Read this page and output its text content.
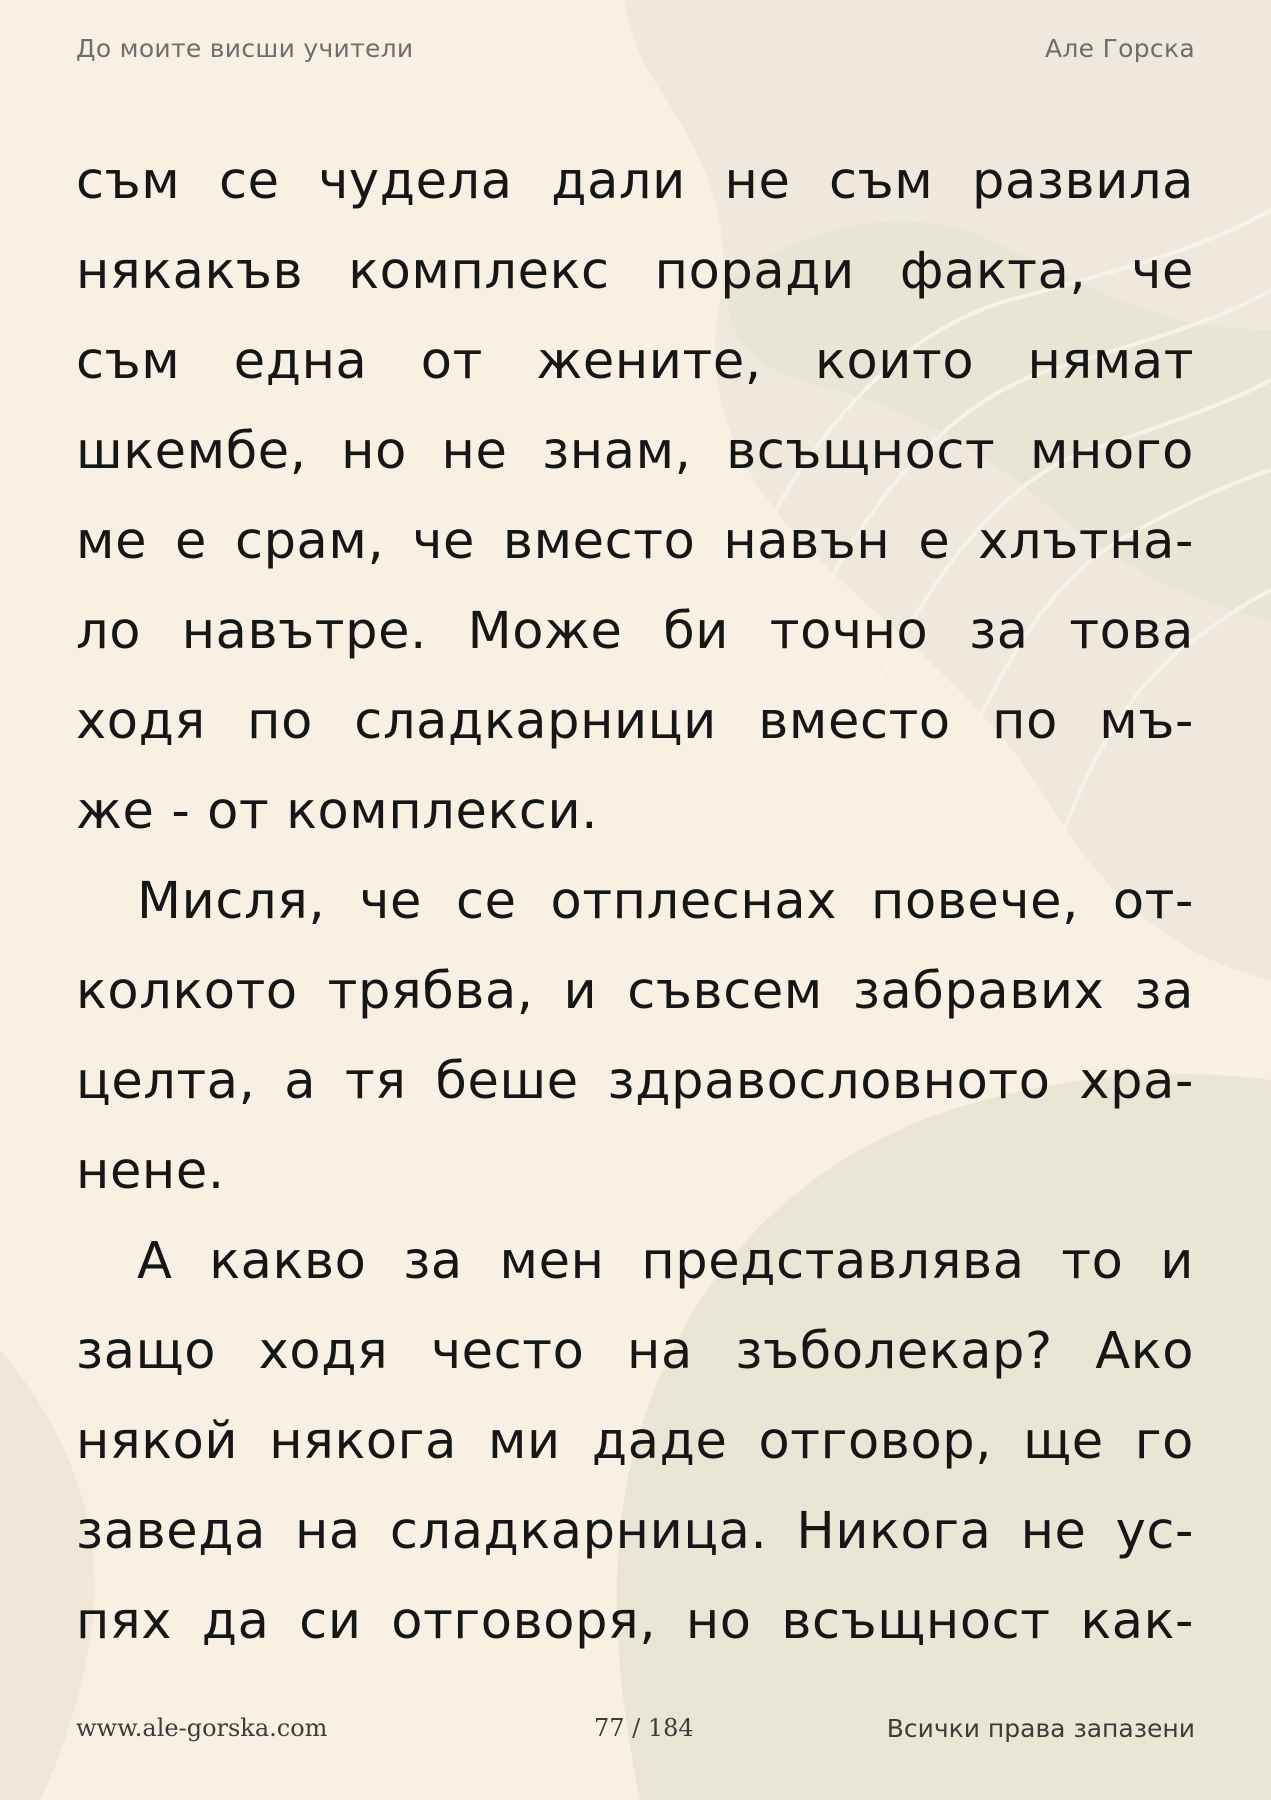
До моите висши учители	Але Горска
съм се чудела дали не съм развила
някакъв комплекс поради факта, че
съм една от жените, които нямат
шкембе, но не знам, всъщност много
ме е срам, че вместо навън е хлътна-
ло навътре. Може би точно за това
ходя по сладкарници вместо по мъ-
же - от комплекси.
Мисля, че се отплеснах повече, от-
колкото трябва, и съвсем забравих за
целта, а тя беше здравословното хра-
нене.
А какво за мен представлява то и
защо ходя често на зъболекар? Ако
някой някога ми даде отговор, ще го
заведа на сладкарница. Никога не ус-
пях да си отговоря, но всъщност как-
www.ale-gorska.com	77 / 184	Всички права запазени
